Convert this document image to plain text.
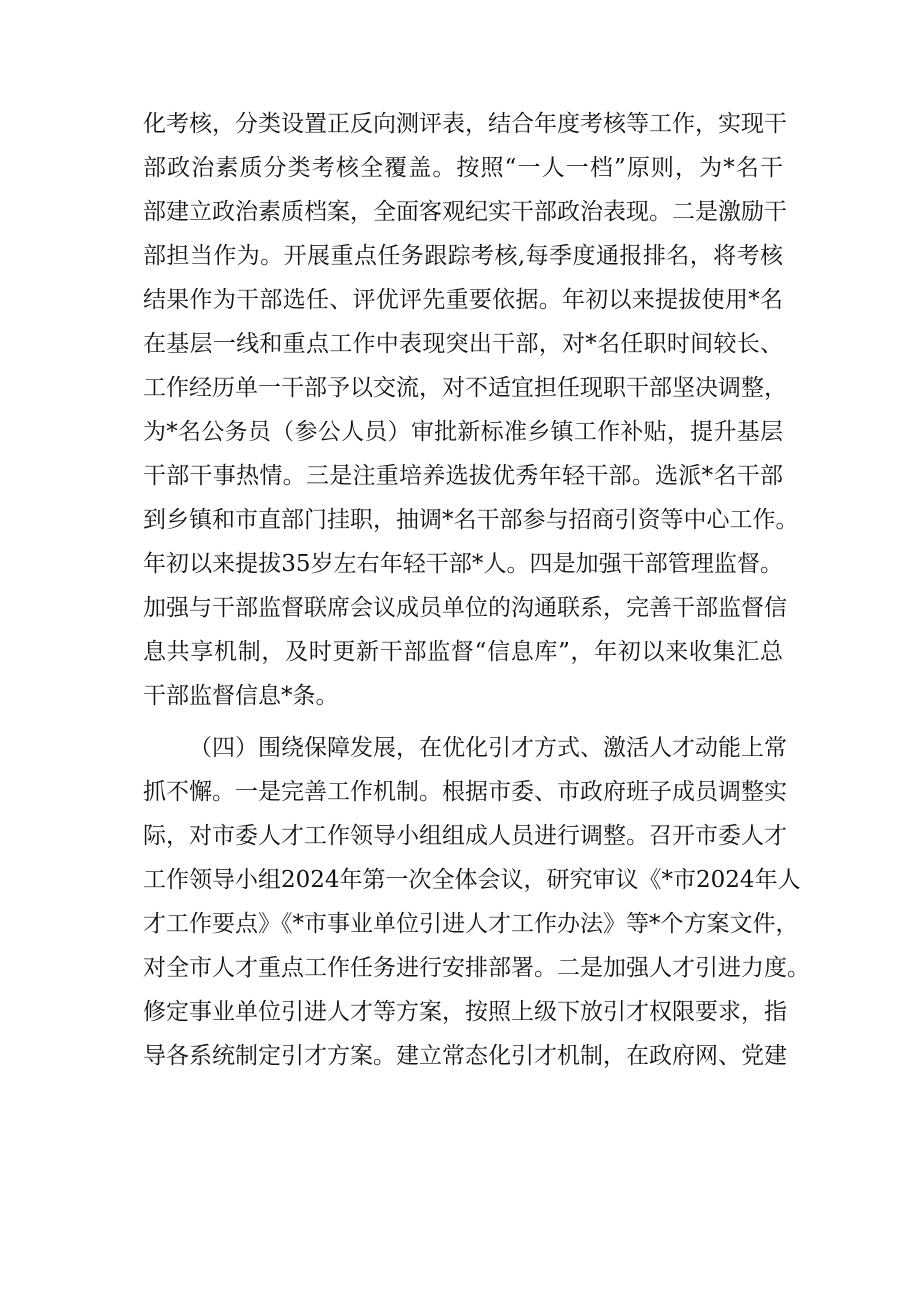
化考核，分类设置正反向测评表，结合年度考核等工作，实现干
部政治素质分类考核全覆盖。按照“一人一档”原则，为*名干
部建立政治素质档案，全面客观纪实干部政治表现。二是激励干
部担当作为。开展重点任务跟踪考核,每季度通报排名，将考核
结果作为干部选任、评优评先重要依据。年初以来提拔使用*名
在基层一线和重点工作中表现突出干部，对*名任职时间较长、
工作经历单一干部予以交流，对不适宜担任现职干部坚决调整，
为*名公务员（参公人员）审批新标准乡镇工作补贴，提升基层
干部干事热情。三是注重培养选拔优秀年轻干部。选派*名干部
到乡镇和市直部门挂职，抽调*名干部参与招商引资等中心工作。
年初以来提拔35岁左右年轻干部*人。四是加强干部管理监督。
加强与干部监督联席会议成员单位的沟通联系，完善干部监督信
息共享机制，及时更新干部监督“信息库”，年初以来收集汇总
干部监督信息*条。
（四）围绕保障发展，在优化引才方式、激活人才动能上常
抓不懈。一是完善工作机制。根据市委、市政府班子成员调整实
际，对市委人才工作领导小组组成人员进行调整。召开市委人才
工作领导小组2024年第一次全体会议，研究审议《*市2024年人
才工作要点》《*市事业单位引进人才工作办法》等*个方案文件，
对全市人才重点工作任务进行安排部署。二是加强人才引进力度。
修定事业单位引进人才等方案，按照上级下放引才权限要求，指
导各系统制定引才方案。建立常态化引才机制，在政府网、党建
